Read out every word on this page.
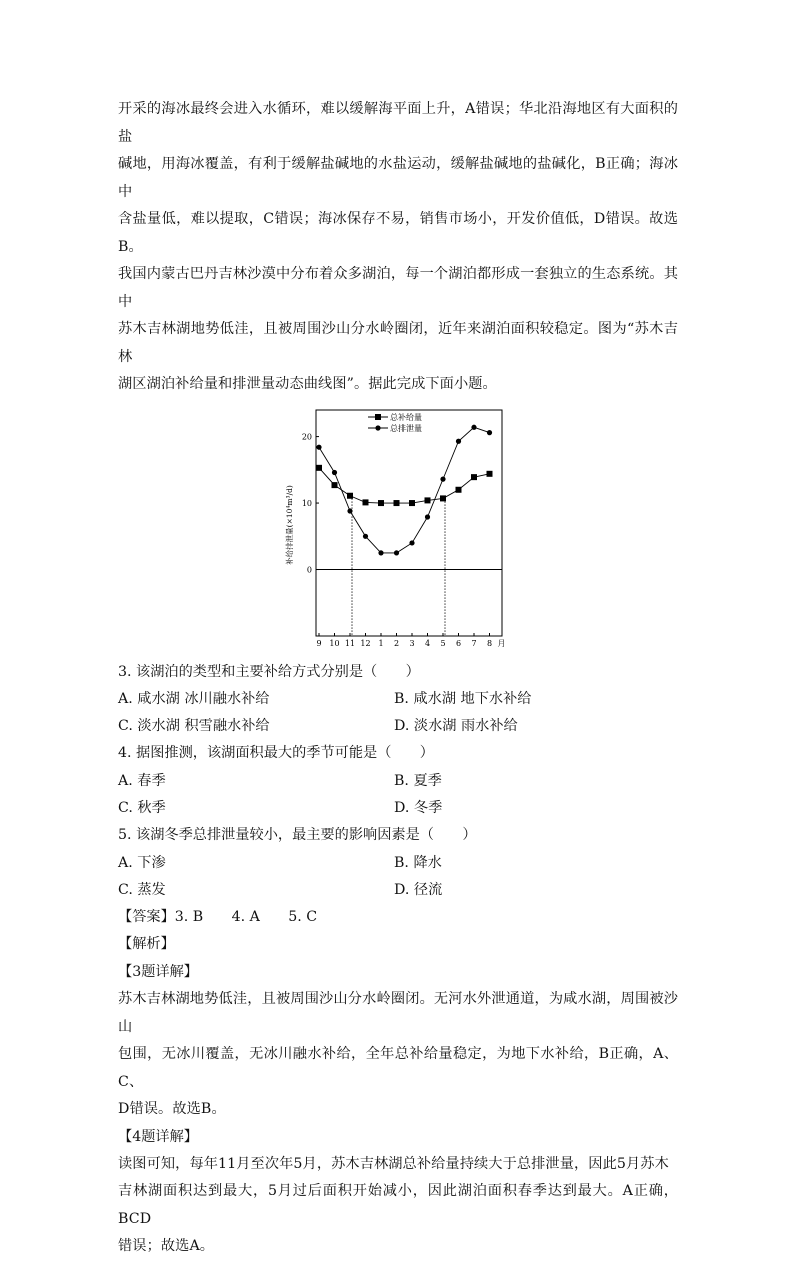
开采的海冰最终会进入水循环，难以缓解海平面上升，A错误；华北沿海地区有大面积的盐

碱地，用海冰覆盖，有利于缓解盐碱地的水盐运动，缓解盐碱地的盐碱化，B正确；海冰中

含盐量低，难以提取，C错误；海冰保存不易，销售市场小，开发价值低，D错误。故选B。

我国内蒙古巴丹吉林沙漠中分布着众多湖泊，每一个湖泊都形成一套独立的生态系统。其中

苏木吉林湖地势低洼，且被周围沙山分水岭圈闭，近年来湖泊面积较稳定。图为“苏木吉林

湖区湖泊补给量和排泄量动态曲线图”。据此完成下面小题。

0
10
20
9 10 11 12 1 2 3 4 5 6 7 8 月
总补给量
总排泄量
补给排泄量(×10⁴m³/d)

3. 该湖泊的类型和主要补给方式分别是（　　）

A. 咸水湖 冰川融水补给	B. 咸水湖 地下水补给
C. 淡水湖 积雪融水补给	D. 淡水湖 雨水补给

4. 据图推测，该湖面积最大的季节可能是（　　）

A. 春季	B. 夏季
C. 秋季	D. 冬季

5. 该湖冬季总排泄量较小，最主要的影响因素是（　　）

A. 下渗	B. 降水
C. 蒸发	D. 径流

【答案】3. B　　4. A　　5. C

【解析】

【3题详解】

苏木吉林湖地势低洼，且被周围沙山分水岭圈闭。无河水外泄通道，为咸水湖，周围被沙山

包围，无冰川覆盖，无冰川融水补给，全年总补给量稳定，为地下水补给，B正确，A、C、

D错误。故选B。

【4题详解】

读图可知，每年11月至次年5月，苏木吉林湖总补给量持续大于总排泄量，因此5月苏木

吉林湖面积达到最大，5月过后面积开始减小，因此湖泊面积春季达到最大。A正确，BCD

错误；故选A。
